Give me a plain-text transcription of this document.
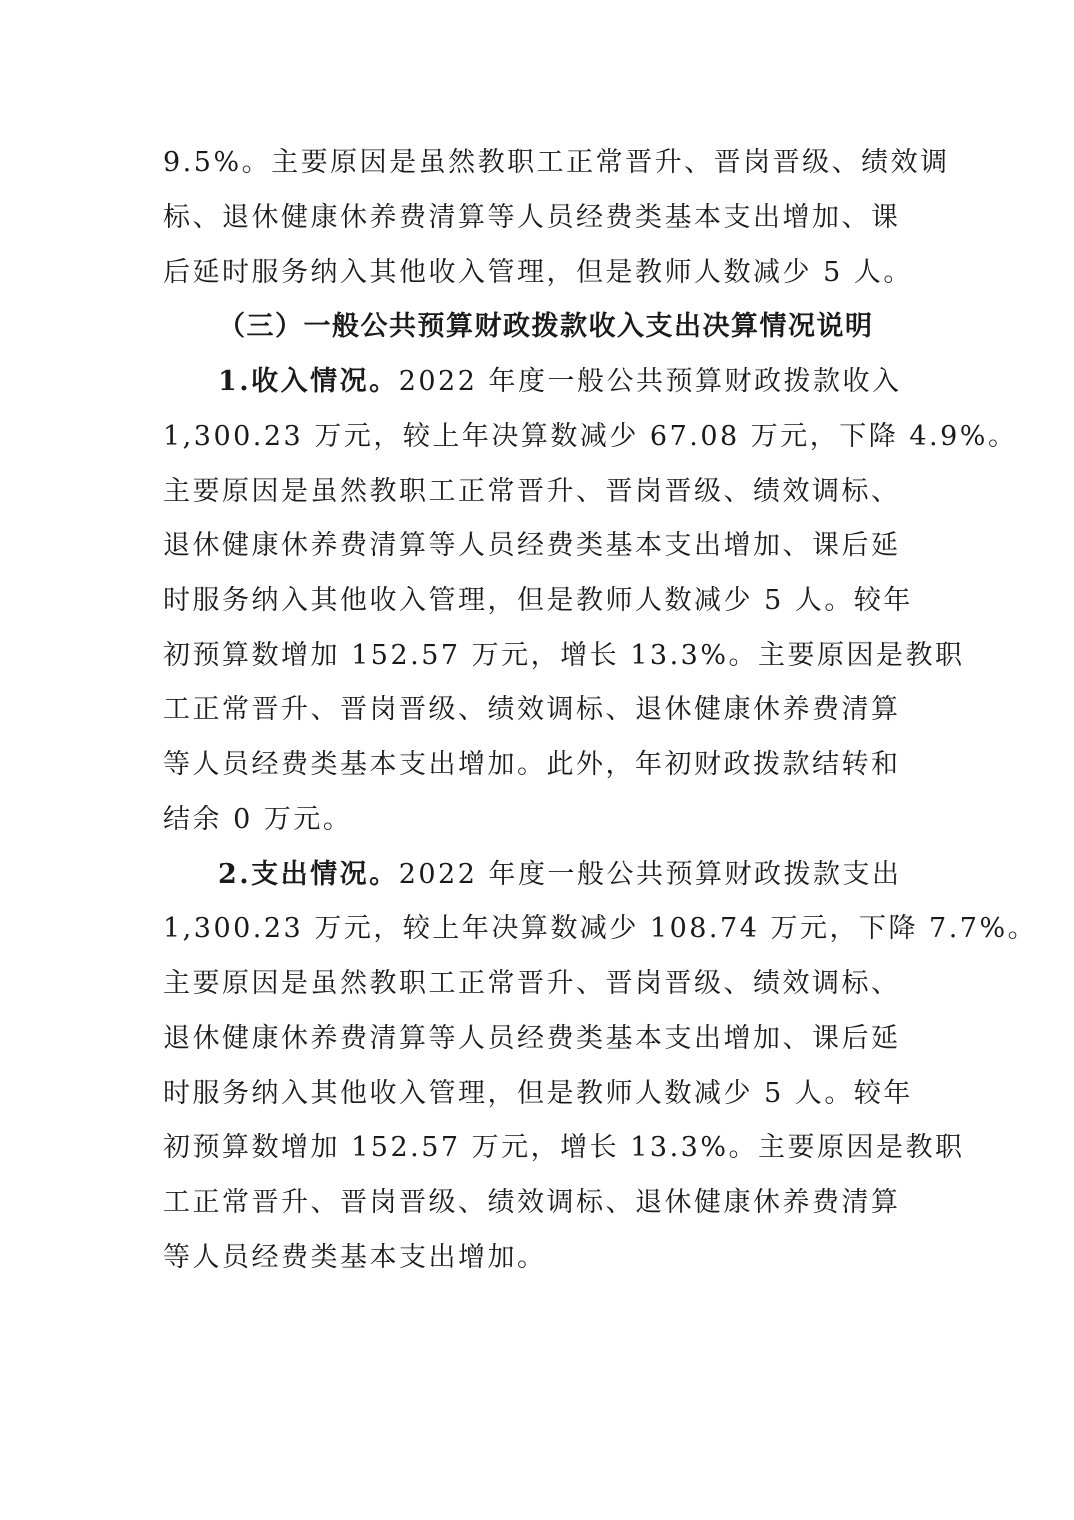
9.5%。主要原因是虽然教职工正常晋升、晋岗晋级、绩效调
标、退休健康休养费清算等人员经费类基本支出增加、课
后延时服务纳入其他收入管理，但是教师人数减少 5 人。
（三）一般公共预算财政拨款收入支出决算情况说明
1.收入情况。2022 年度一般公共预算财政拨款收入
1,300.23 万元，较上年决算数减少 67.08 万元，下降 4.9%。
主要原因是虽然教职工正常晋升、晋岗晋级、绩效调标、
退休健康休养费清算等人员经费类基本支出增加、课后延
时服务纳入其他收入管理，但是教师人数减少 5 人。较年
初预算数增加 152.57 万元，增长 13.3%。主要原因是教职
工正常晋升、晋岗晋级、绩效调标、退休健康休养费清算
等人员经费类基本支出增加。此外，年初财政拨款结转和
结余 0 万元。
2.支出情况。2022 年度一般公共预算财政拨款支出
1,300.23 万元，较上年决算数减少 108.74 万元，下降 7.7%。
主要原因是虽然教职工正常晋升、晋岗晋级、绩效调标、
退休健康休养费清算等人员经费类基本支出增加、课后延
时服务纳入其他收入管理，但是教师人数减少 5 人。较年
初预算数增加 152.57 万元，增长 13.3%。主要原因是教职
工正常晋升、晋岗晋级、绩效调标、退休健康休养费清算
等人员经费类基本支出增加。
